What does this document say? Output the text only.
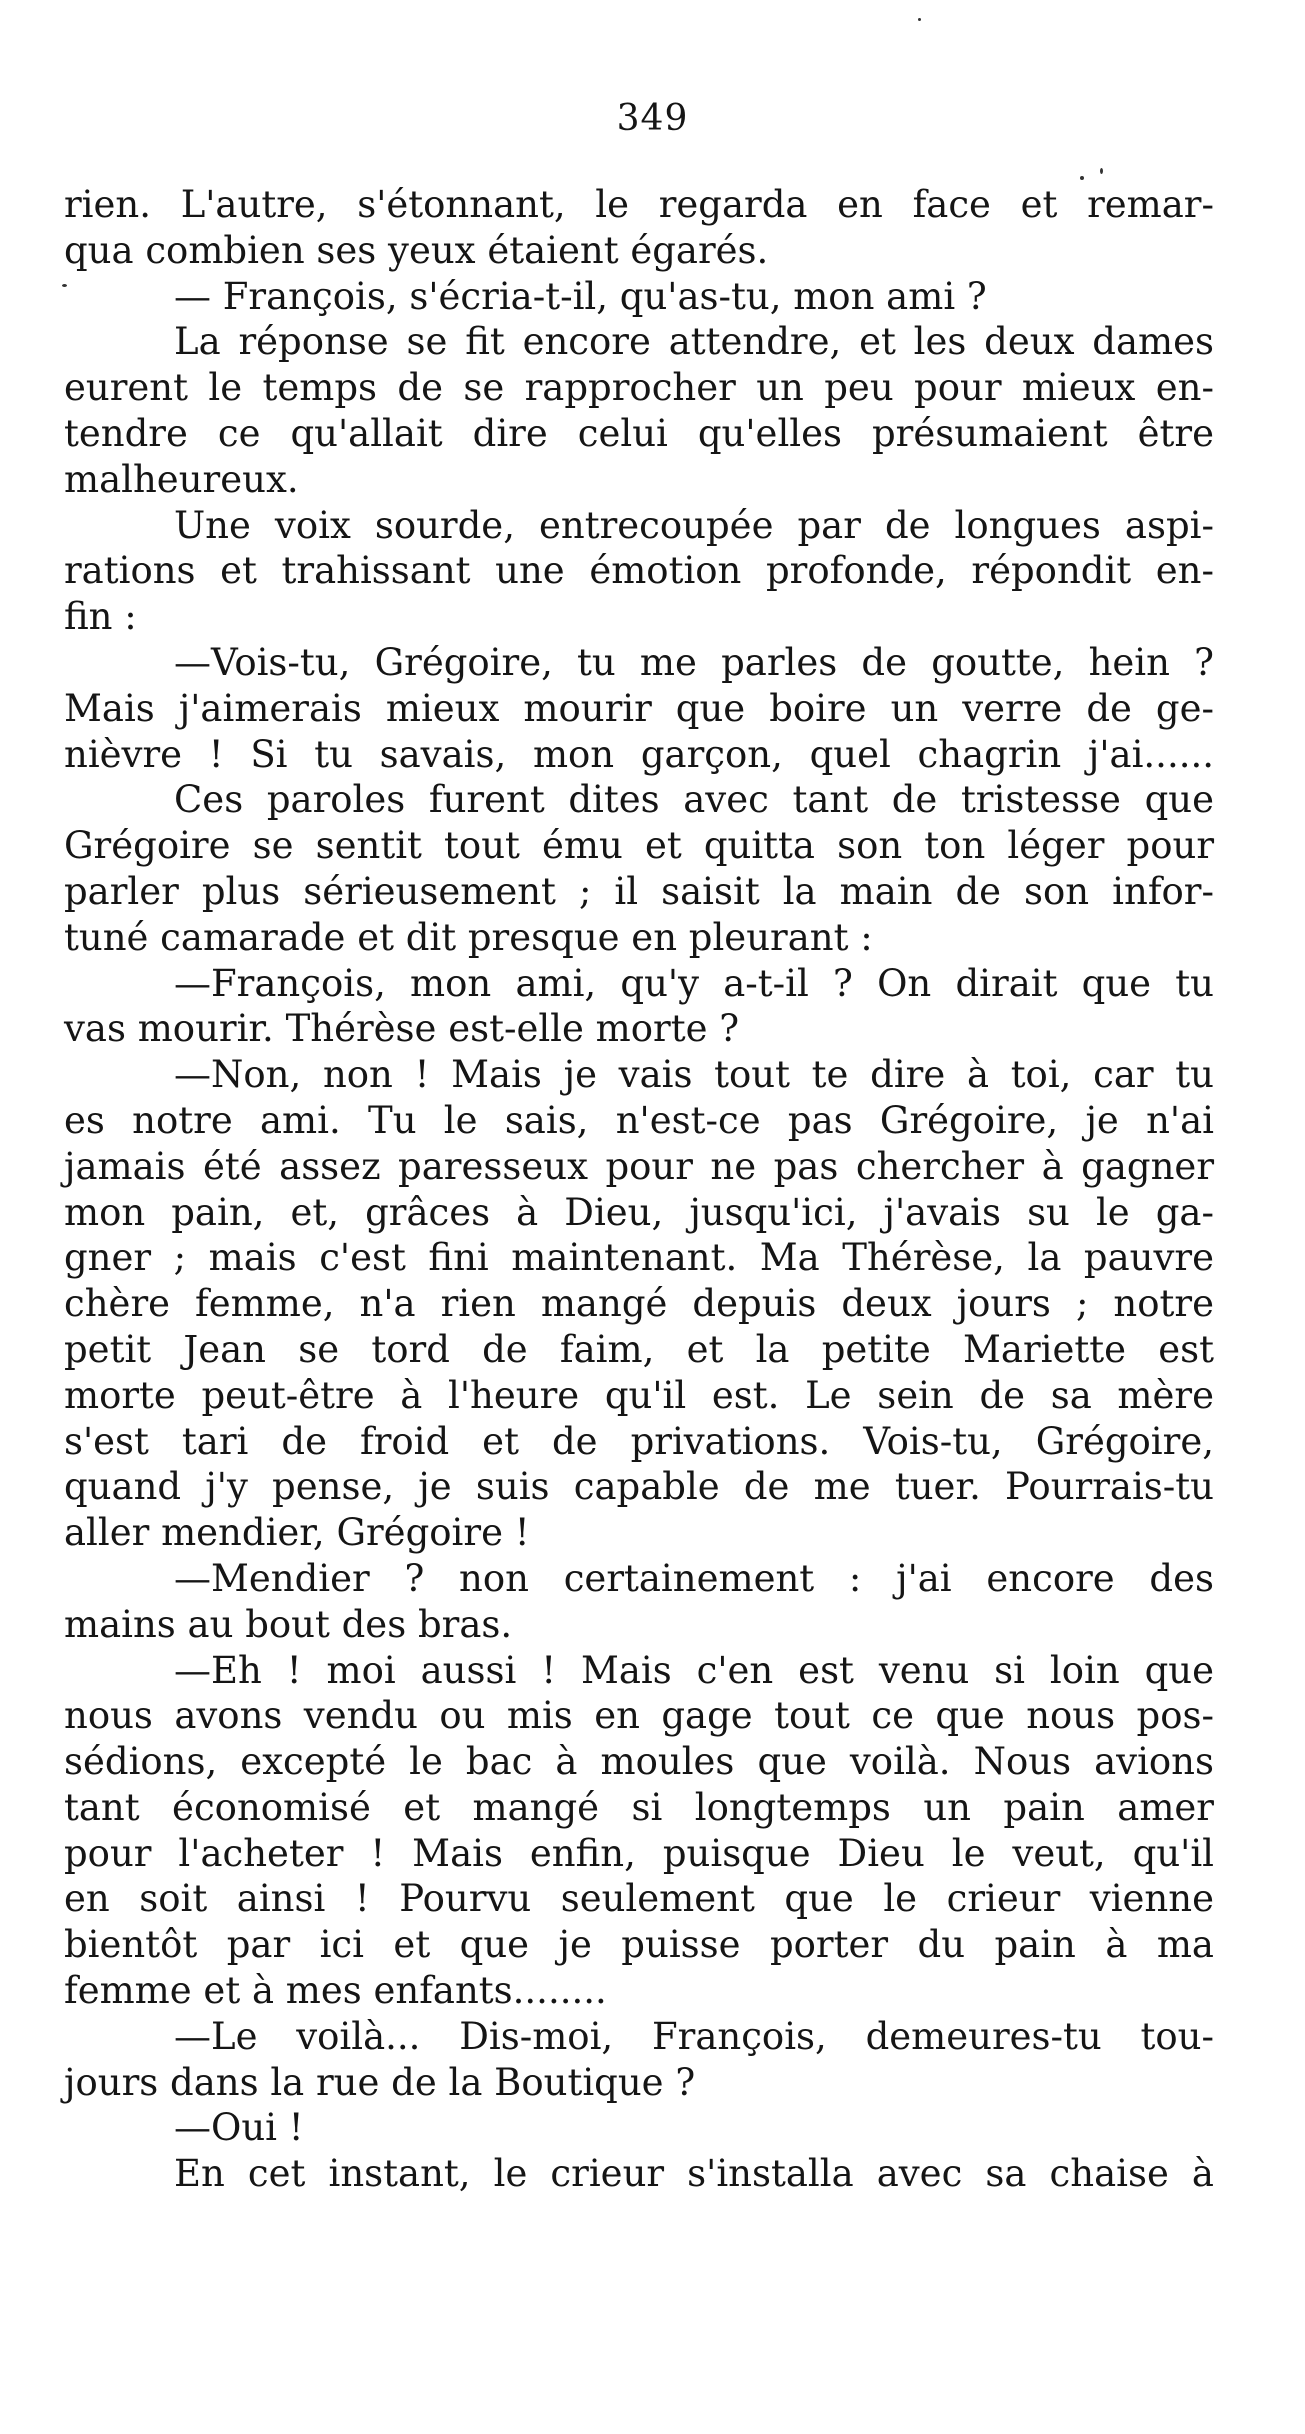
349
rien. L'autre, s'étonnant, le regarda en face et remar-
qua combien ses yeux étaient égarés.
— François, s'écria-t-il, qu'as-tu, mon ami ?
La réponse se fit encore attendre, et les deux dames
eurent le temps de se rapprocher un peu pour mieux en-
tendre ce qu'allait dire celui qu'elles présumaient être
malheureux.
Une voix sourde, entrecoupée par de longues aspi-
rations et trahissant une émotion profonde, répondit en-
fin :
—Vois-tu, Grégoire, tu me parles de goutte, hein ?
Mais j'aimerais mieux mourir que boire un verre de ge-
nièvre ! Si tu savais, mon garçon, quel chagrin j'ai......
Ces paroles furent dites avec tant de tristesse que
Grégoire se sentit tout ému et quitta son ton léger pour
parler plus sérieusement ; il saisit la main de son infor-
tuné camarade et dit presque en pleurant :
—François, mon ami, qu'y a-t-il ? On dirait que tu
vas mourir. Thérèse est-elle morte ?
—Non, non ! Mais je vais tout te dire à toi, car tu
es notre ami. Tu le sais, n'est-ce pas Grégoire, je n'ai
jamais été assez paresseux pour ne pas chercher à gagner
mon pain, et, grâces à Dieu, jusqu'ici, j'avais su le ga-
gner ; mais c'est fini maintenant. Ma Thérèse, la pauvre
chère femme, n'a rien mangé depuis deux jours ; notre
petit Jean se tord de faim, et la petite Mariette est
morte peut-être à l'heure qu'il est. Le sein de sa mère
s'est tari de froid et de privations. Vois-tu, Grégoire,
quand j'y pense, je suis capable de me tuer. Pourrais-tu
aller mendier, Grégoire !
—Mendier ? non certainement : j'ai encore des
mains au bout des bras.
—Eh ! moi aussi ! Mais c'en est venu si loin que
nous avons vendu ou mis en gage tout ce que nous pos-
sédions, excepté le bac à moules que voilà. Nous avions
tant économisé et mangé si longtemps un pain amer
pour l'acheter ! Mais enfin, puisque Dieu le veut, qu'il
en soit ainsi ! Pourvu seulement que le crieur vienne
bientôt par ici et que je puisse porter du pain à ma
femme et à mes enfants........
—Le voilà... Dis-moi, François, demeures-tu tou-
jours dans la rue de la Boutique ?
—Oui !
En cet instant, le crieur s'installa avec sa chaise à
